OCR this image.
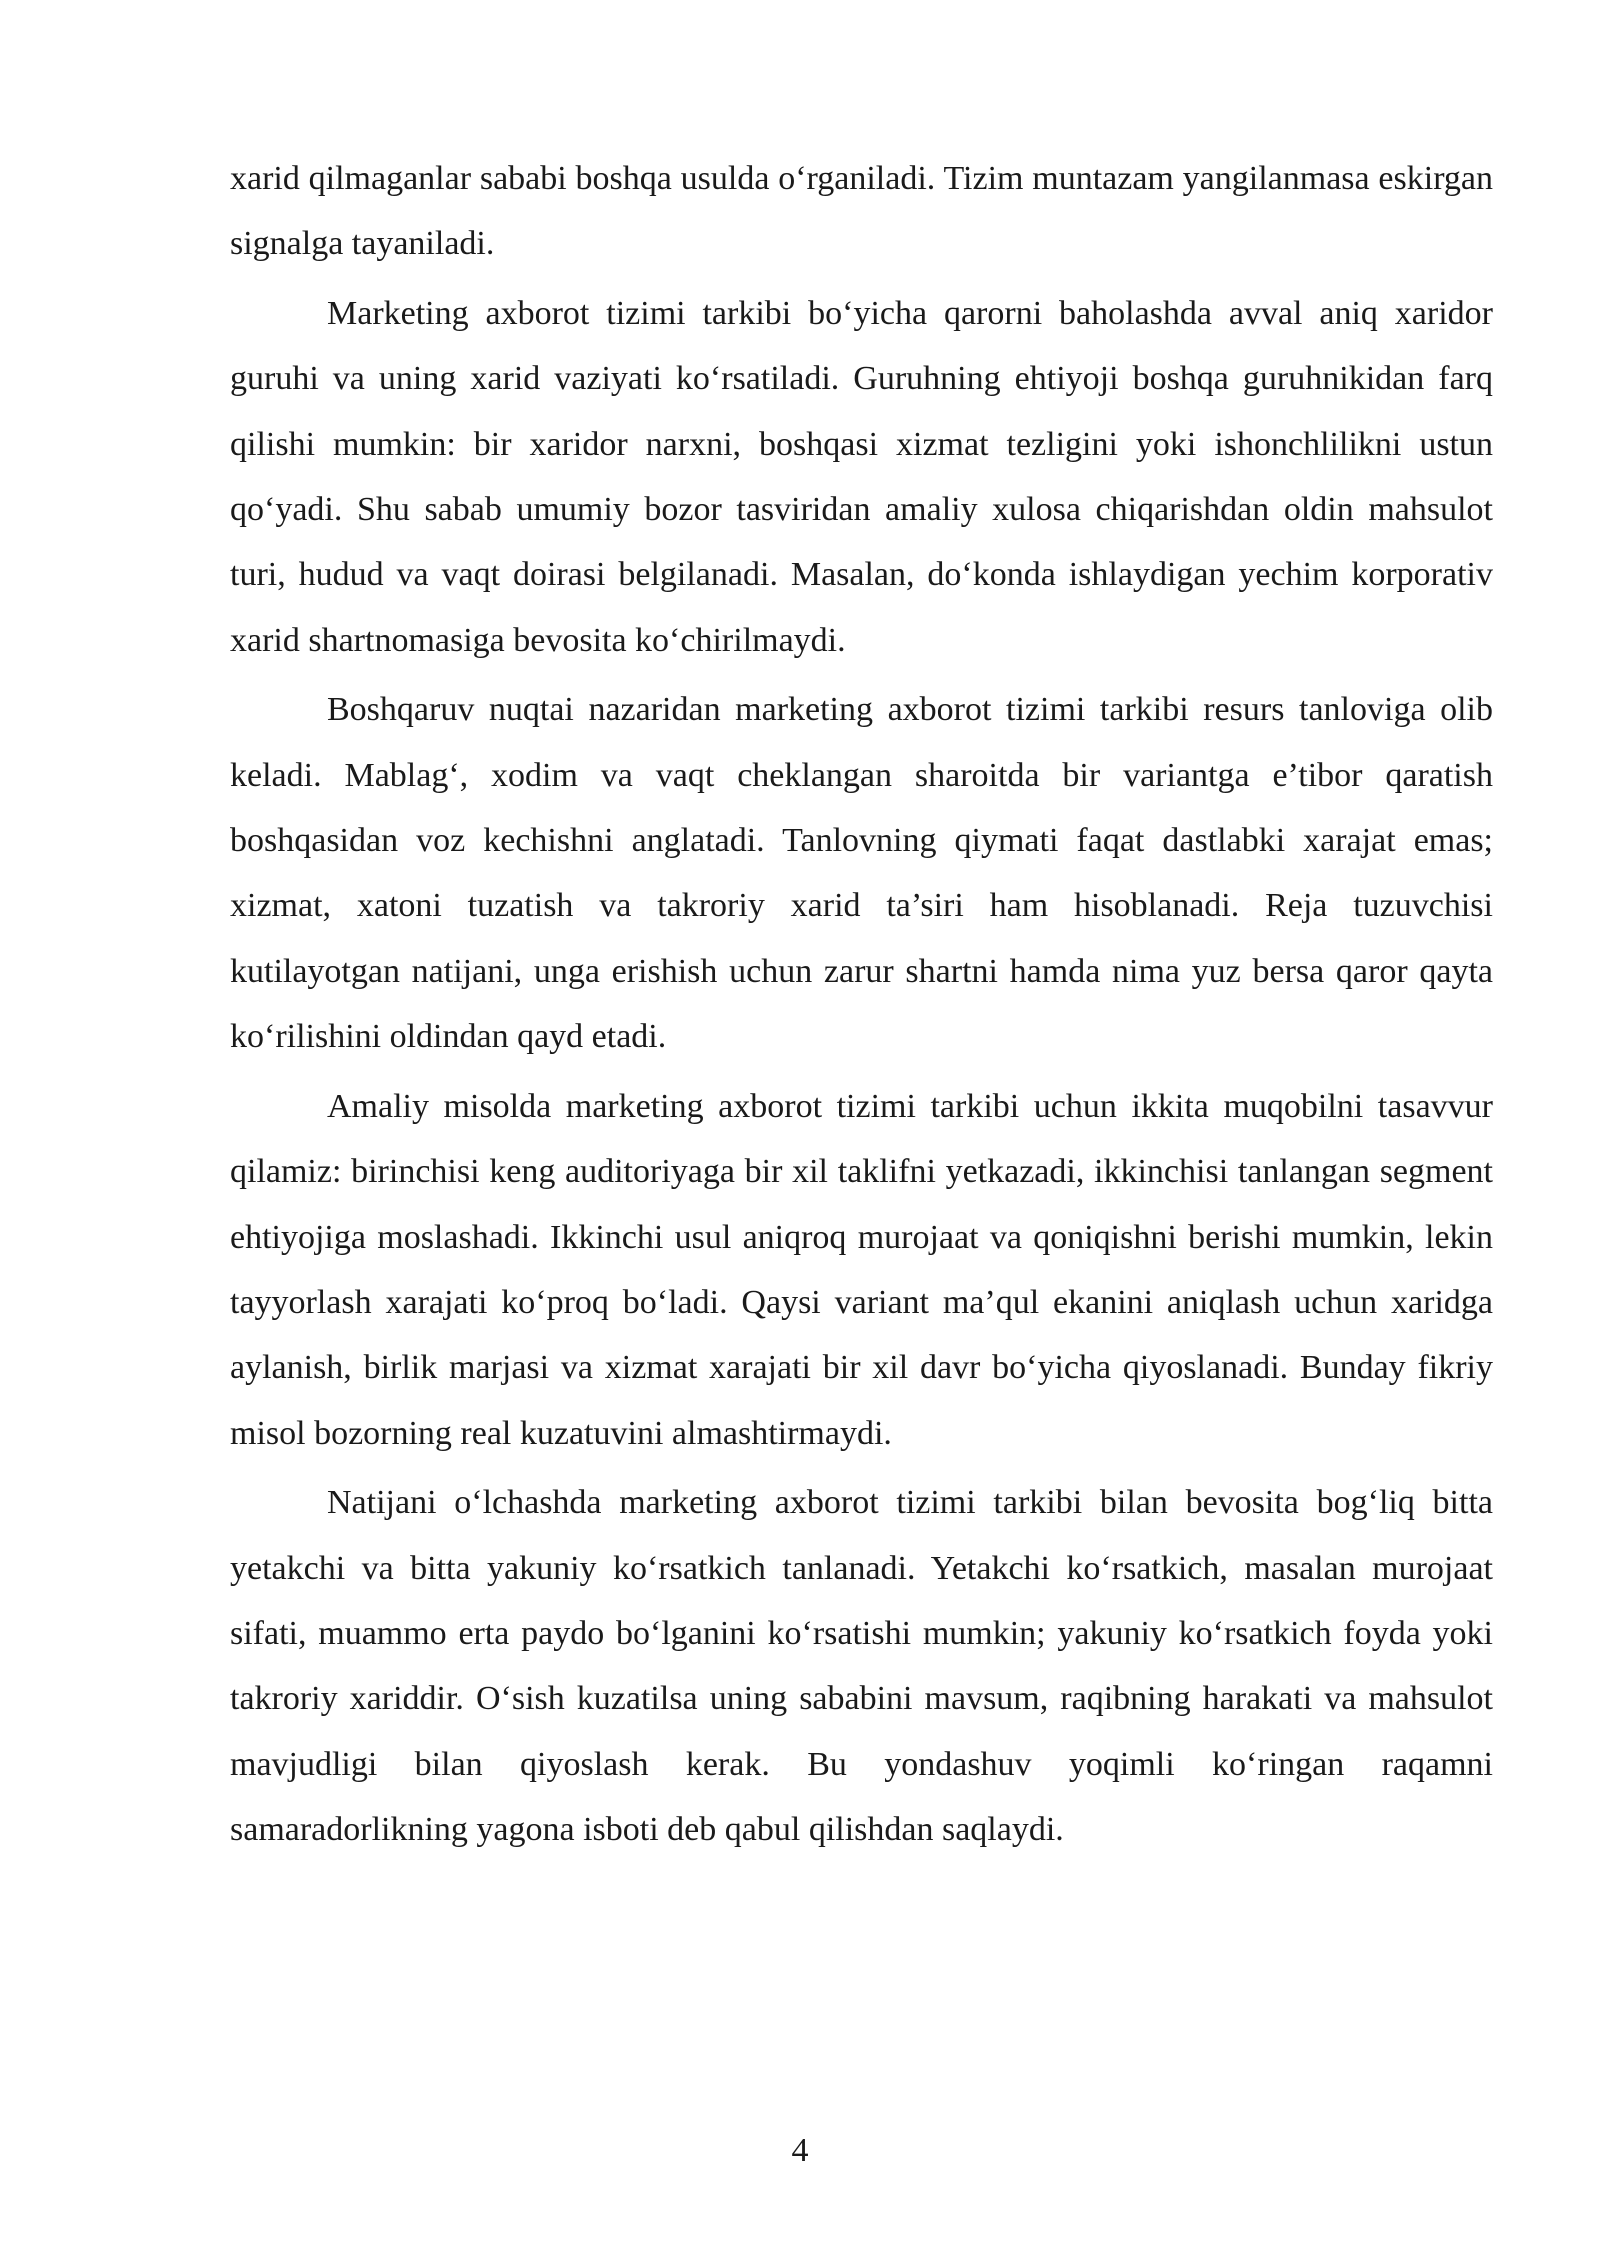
xarid qilmaganlar sababi boshqa usulda o‘rganiladi. Tizim muntazam yangilanmasa eskirgan signalga tayaniladi.

Marketing axborot tizimi tarkibi bo‘yicha qarorni baholashda avval aniq xaridor guruhi va uning xarid vaziyati ko‘rsatiladi. Guruhning ehtiyoji boshqa guruhnikidan farq qilishi mumkin: bir xaridor narxni, boshqasi xizmat tezligini yoki ishonchlilikni ustun qo‘yadi. Shu sabab umumiy bozor tasviridan amaliy xulosa chiqarishdan oldin mahsulot turi, hudud va vaqt doirasi belgilanadi. Masalan, do‘konda ishlaydigan yechim korporativ xarid shartnomasiga bevosita ko‘chirilmaydi.

Boshqaruv nuqtai nazaridan marketing axborot tizimi tarkibi resurs tanloviga olib keladi. Mablag‘, xodim va vaqt cheklangan sharoitda bir variantga e’tibor qaratish boshqasidan voz kechishni anglatadi. Tanlovning qiymati faqat dastlabki xarajat emas; xizmat, xatoni tuzatish va takroriy xarid ta’siri ham hisoblanadi. Reja tuzuvchisi kutilayotgan natijani, unga erishish uchun zarur shartni hamda nima yuz bersa qaror qayta ko‘rilishini oldindan qayd etadi.

Amaliy misolda marketing axborot tizimi tarkibi uchun ikkita muqobilni tasavvur qilamiz: birinchisi keng auditoriyaga bir xil taklifni yetkazadi, ikkinchisi tanlangan segment ehtiyojiga moslashadi. Ikkinchi usul aniqroq murojaat va qoniqishni berishi mumkin, lekin tayyorlash xarajati ko‘proq bo‘ladi. Qaysi variant ma’qul ekanini aniqlash uchun xaridga aylanish, birlik marjasi va xizmat xarajati bir xil davr bo‘yicha qiyoslanadi. Bunday fikriy misol bozorning real kuzatuvini almashtirmaydi.

Natijani o‘lchashda marketing axborot tizimi tarkibi bilan bevosita bog‘liq bitta yetakchi va bitta yakuniy ko‘rsatkich tanlanadi. Yetakchi ko‘rsatkich, masalan murojaat sifati, muammo erta paydo bo‘lganini ko‘rsatishi mumkin; yakuniy ko‘rsatkich foyda yoki takroriy xariddir. O‘sish kuzatilsa uning sababini mavsum, raqibning harakati va mahsulot mavjudligi bilan qiyoslash kerak. Bu yondashuv yoqimli ko‘ringan raqamni samaradorlikning yagona isboti deb qabul qilishdan saqlaydi.

4
